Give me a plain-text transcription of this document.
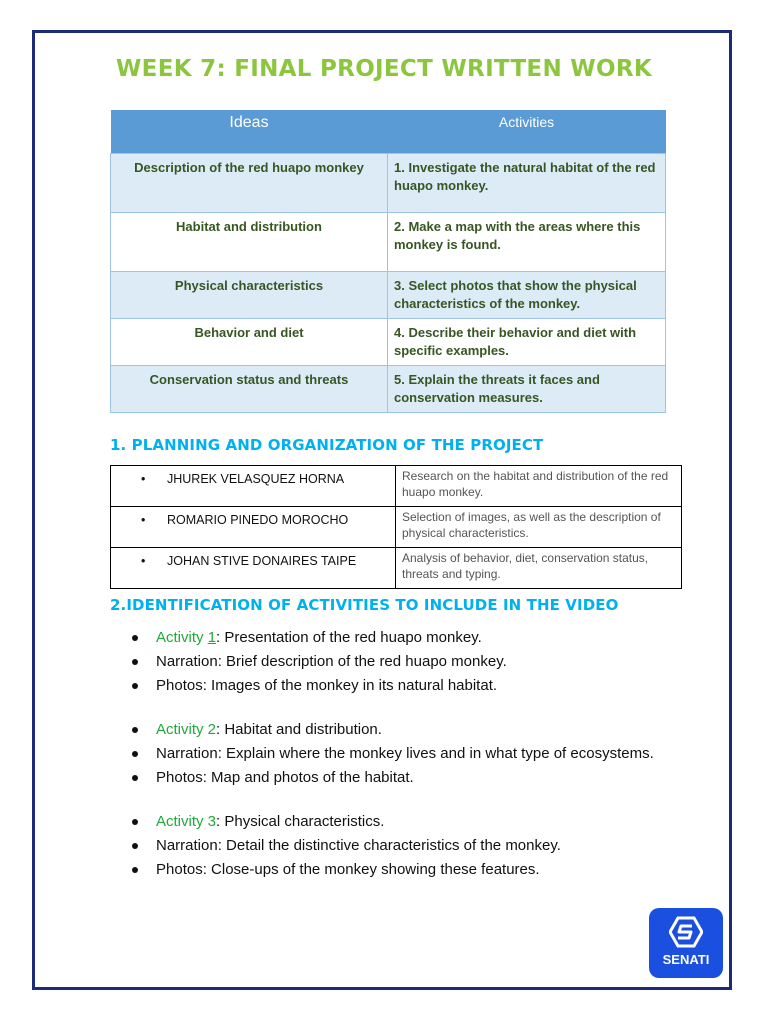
WEEK 7: FINAL PROJECT WRITTEN WORK
Ideas	Activities
Description of the red huapo monkey	1. Investigate the natural habitat of the red huapo monkey.
Habitat and distribution	2. Make a map with the areas where this monkey is found.
Physical characteristics	3. Select photos that show the physical characteristics of the monkey.
Behavior and diet	4. Describe their behavior and diet with specific examples.
Conservation status and threats	5. Explain the threats it faces and conservation measures.
1. PLANNING AND ORGANIZATION OF THE PROJECT
• JHUREK VELASQUEZ HORNA	Research on the habitat and distribution of the red huapo monkey.
• ROMARIO PINEDO MOROCHO	Selection of images, as well as the description of physical characteristics.
• JOHAN STIVE DONAIRES TAIPE	Analysis of behavior, diet, conservation status, threats and typing.
2.IDENTIFICATION OF ACTIVITIES TO INCLUDE IN THE VIDEO
Activity 1: Presentation of the red huapo monkey.
Narration: Brief description of the red huapo monkey.
Photos: Images of the monkey in its natural habitat.
Activity 2: Habitat and distribution.
Narration: Explain where the monkey lives and in what type of ecosystems.
Photos: Map and photos of the habitat.
Activity 3: Physical characteristics.
Narration: Detail the distinctive characteristics of the monkey.
Photos: Close-ups of the monkey showing these features.
SENATI
